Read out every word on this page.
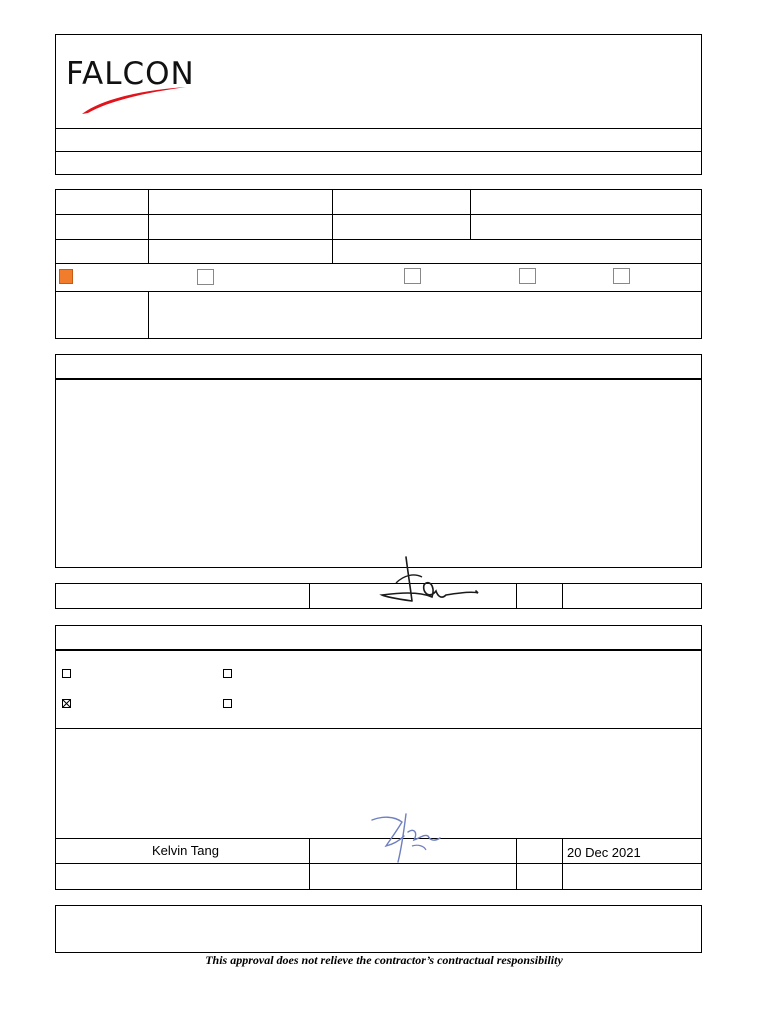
FALCON
Kelvin Tang	20 Dec 2021
This approval does not relieve the contractor’s contractual responsibility
